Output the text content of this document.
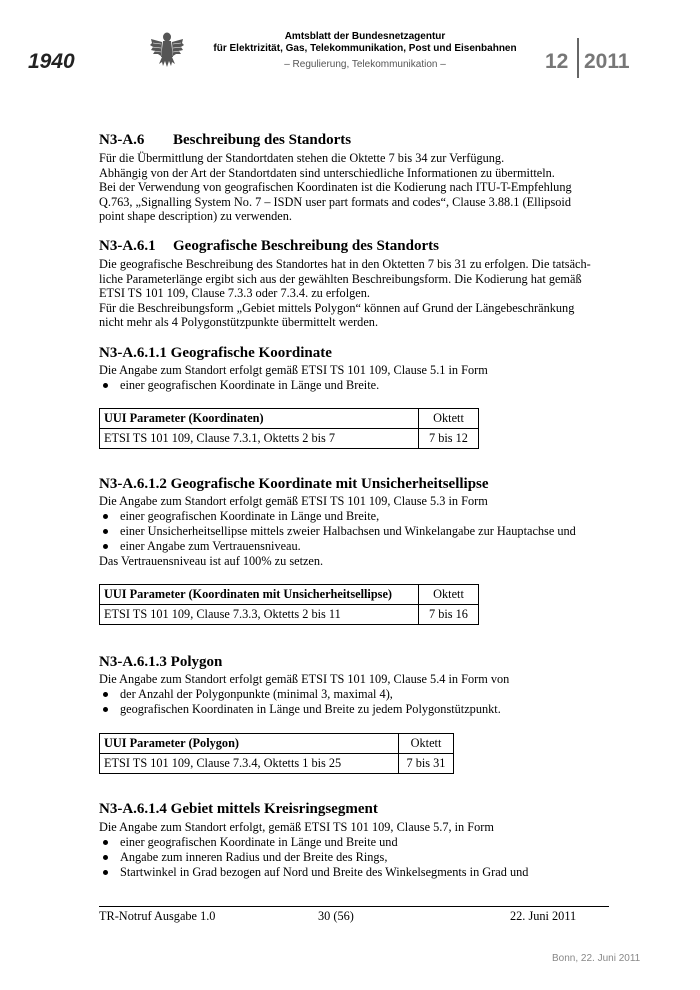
1940
Amtsblatt der Bundesnetzagentur
für Elektrizität, Gas, Telekommunikation, Post und Eisenbahnen
– Regulierung, Telekommunikation –	12 2011
N3-A.6 Beschreibung des Standorts
Für die Übermittlung der Standortdaten stehen die Oktette 7 bis 34 zur Verfügung.
Abhängig von der Art der Standortdaten sind unterschiedliche Informationen zu übermitteln.
Bei der Verwendung von geografischen Koordinaten ist die Kodierung nach ITU-T-Empfehlung
Q.763, „Signalling System No. 7 – ISDN user part formats and codes“, Clause 3.88.1 (Ellipsoid
point shape description) zu verwenden.
N3-A.6.1 Geografische Beschreibung des Standorts
Die geografische Beschreibung des Standortes hat in den Oktetten 7 bis 31 zu erfolgen. Die tatsäch-
liche Parameterlänge ergibt sich aus der gewählten Beschreibungsform. Die Kodierung hat gemäß
ETSI TS 101 109, Clause 7.3.3 oder 7.3.4. zu erfolgen.
Für die Beschreibungsform „Gebiet mittels Polygon“ können auf Grund der Längebeschränkung
nicht mehr als 4 Polygonstützpunkte übermittelt werden.
N3-A.6.1.1 Geografische Koordinate
Die Angabe zum Standort erfolgt gemäß ETSI TS 101 109, Clause 5.1 in Form
einer geografischen Koordinate in Länge und Breite.
UUI Parameter (Koordinaten)	Oktett
ETSI TS 101 109, Clause 7.3.1, Oktetts 2 bis 7	7 bis 12
N3-A.6.1.2 Geografische Koordinate mit Unsicherheitsellipse
Die Angabe zum Standort erfolgt gemäß ETSI TS 101 109, Clause 5.3 in Form
einer geografischen Koordinate in Länge und Breite,
einer Unsicherheitsellipse mittels zweier Halbachsen und Winkelangabe zur Hauptachse und
einer Angabe zum Vertrauensniveau.
Das Vertrauensniveau ist auf 100% zu setzen.
UUI Parameter (Koordinaten mit Unsicherheitsellipse)	Oktett
ETSI TS 101 109, Clause 7.3.3, Oktetts 2 bis 11	7 bis 16
N3-A.6.1.3 Polygon
Die Angabe zum Standort erfolgt gemäß ETSI TS 101 109, Clause 5.4 in Form von
der Anzahl der Polygonpunkte (minimal 3, maximal 4),
geografischen Koordinaten in Länge und Breite zu jedem Polygonstützpunkt.
UUI Parameter (Polygon)	Oktett
ETSI TS 101 109, Clause 7.3.4, Oktetts 1 bis 25	7 bis 31
N3-A.6.1.4 Gebiet mittels Kreisringsegment
Die Angabe zum Standort erfolgt, gemäß ETSI TS 101 109, Clause 5.7, in Form
einer geografischen Koordinate in Länge und Breite und
Angabe zum inneren Radius und der Breite des Rings,
Startwinkel in Grad bezogen auf Nord und Breite des Winkelsegments in Grad und
TR-Notruf Ausgabe 1.0	30 (56)	22. Juni 2011
Bonn, 22. Juni 2011
